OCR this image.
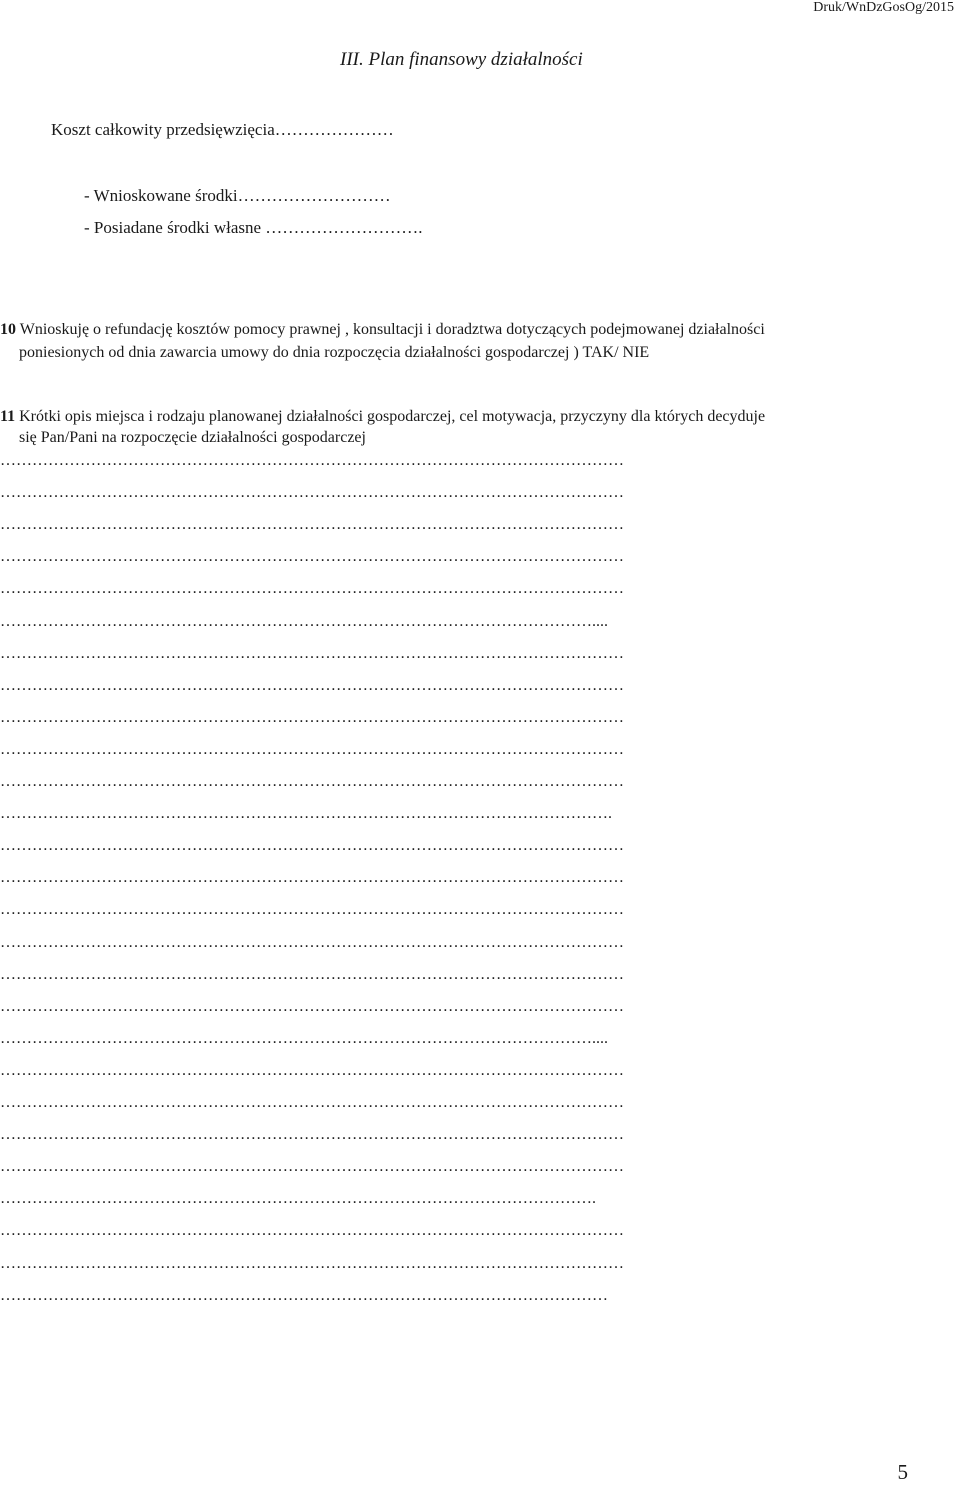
Druk/WnDzGosOg/2015
III. Plan finansowy działalności
Koszt całkowity przedsięwzięcia…………………
- Wnioskowane środki………………………
- Posiadane środki własne ……………………….
10 Wnioskuję o refundację kosztów pomocy prawnej , konsultacji i doradztwa dotyczących podejmowanej działalności
poniesionych od dnia zawarcia umowy do dnia rozpoczęcia działalności gospodarczej ) TAK/ NIE
11 Krótki opis miejsca i rodzaju planowanej działalności gospodarczej, cel motywacja, przyczyny dla których decyduje
się Pan/Pani na rozpoczęcie działalności gospodarczej
………………………………………………………………………………………………………
………………………………………………………………………………………………………
………………………………………………………………………………………………………
………………………………………………………………………………………………………
………………………………………………………………………………………………………
…………………………………………………………………………………………………....
………………………………………………………………………………………………………
………………………………………………………………………………………………………
………………………………………………………………………………………………………
………………………………………………………………………………………………………
………………………………………………………………………………………………………
…………………………………………………………………………………………………….
………………………………………………………………………………………………………
………………………………………………………………………………………………………
………………………………………………………………………………………………………
………………………………………………………………………………………………………
………………………………………………………………………………………………………
………………………………………………………………………………………………………
…………………………………………………………………………………………………....
………………………………………………………………………………………………………
………………………………………………………………………………………………………
………………………………………………………………………………………………………
………………………………………………………………………………………………………
………………………………………………………………………………………………….
………………………………………………………………………………………………………
………………………………………………………………………………………………………
……………………………………………………………………………………………………
5
